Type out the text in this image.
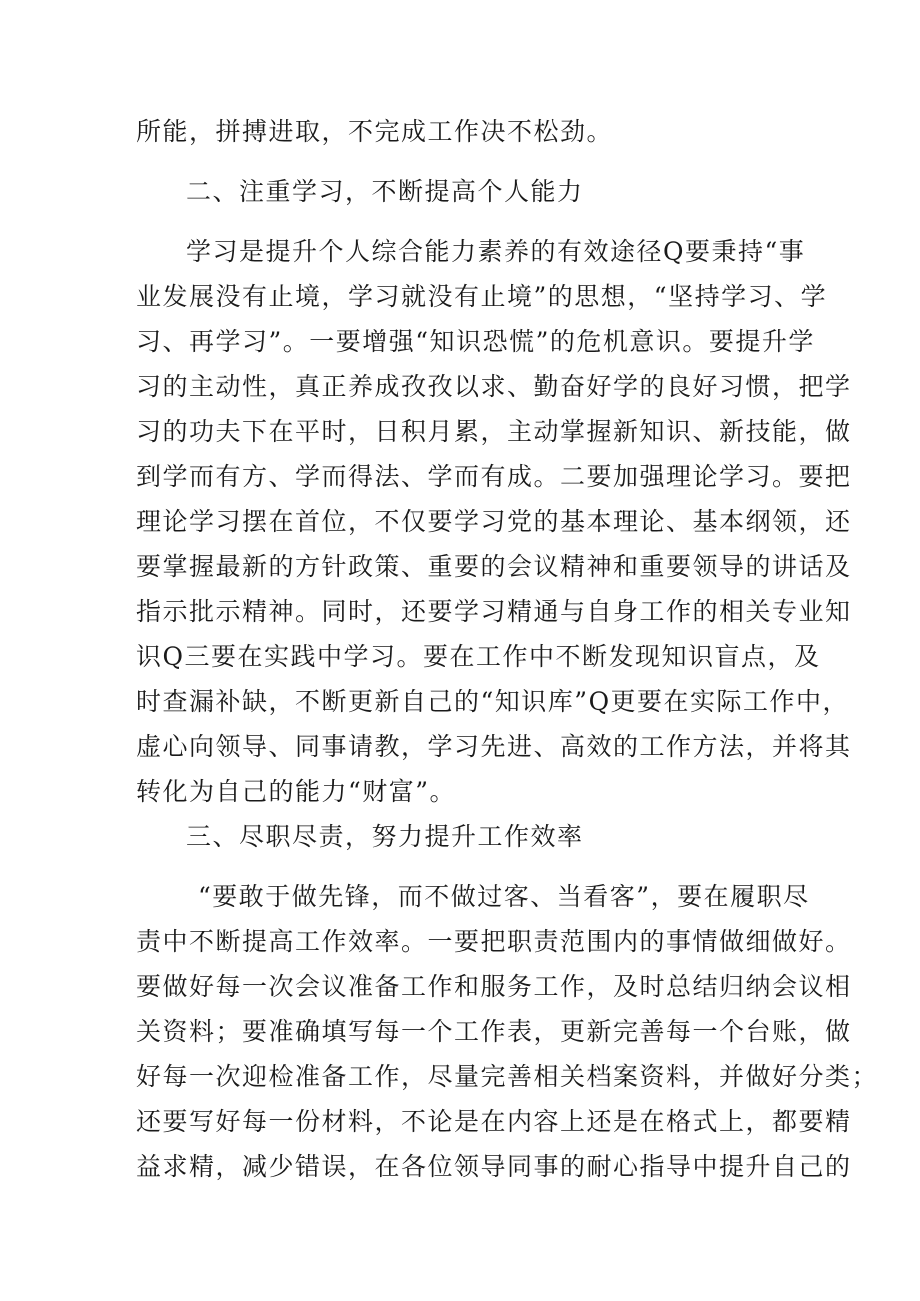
所能，拼搏进取，不完成工作决不松劲。
二、注重学习，不断提高个人能力
学习是提升个人综合能力素养的有效途径Q要秉持“事
业发展没有止境，学习就没有止境”的思想，“坚持学习、学
习、再学习”。一要增强“知识恐慌”的危机意识。要提升学
习的主动性，真正养成孜孜以求、勤奋好学的良好习惯，把学
习的功夫下在平时，日积月累，主动掌握新知识、新技能，做
到学而有方、学而得法、学而有成。二要加强理论学习。要把
理论学习摆在首位，不仅要学习党的基本理论、基本纲领，还
要掌握最新的方针政策、重要的会议精神和重要领导的讲话及
指示批示精神。同时，还要学习精通与自身工作的相关专业知
识Q三要在实践中学习。要在工作中不断发现知识盲点，及
时查漏补缺，不断更新自己的“知识库”Q更要在实际工作中，
虚心向领导、同事请教，学习先进、高效的工作方法，并将其
转化为自己的能力“财富”。
三、尽职尽责，努力提升工作效率
“要敢于做先锋，而不做过客、当看客”，要在履职尽
责中不断提高工作效率。一要把职责范围内的事情做细做好。
要做好每一次会议准备工作和服务工作，及时总结归纳会议相
关资料；要准确填写每一个工作表，更新完善每一个台账，做
好每一次迎检准备工作，尽量完善相关档案资料，并做好分类；
还要写好每一份材料，不论是在内容上还是在格式上，都要精
益求精，减少错误，在各位领导同事的耐心指导中提升自己的
